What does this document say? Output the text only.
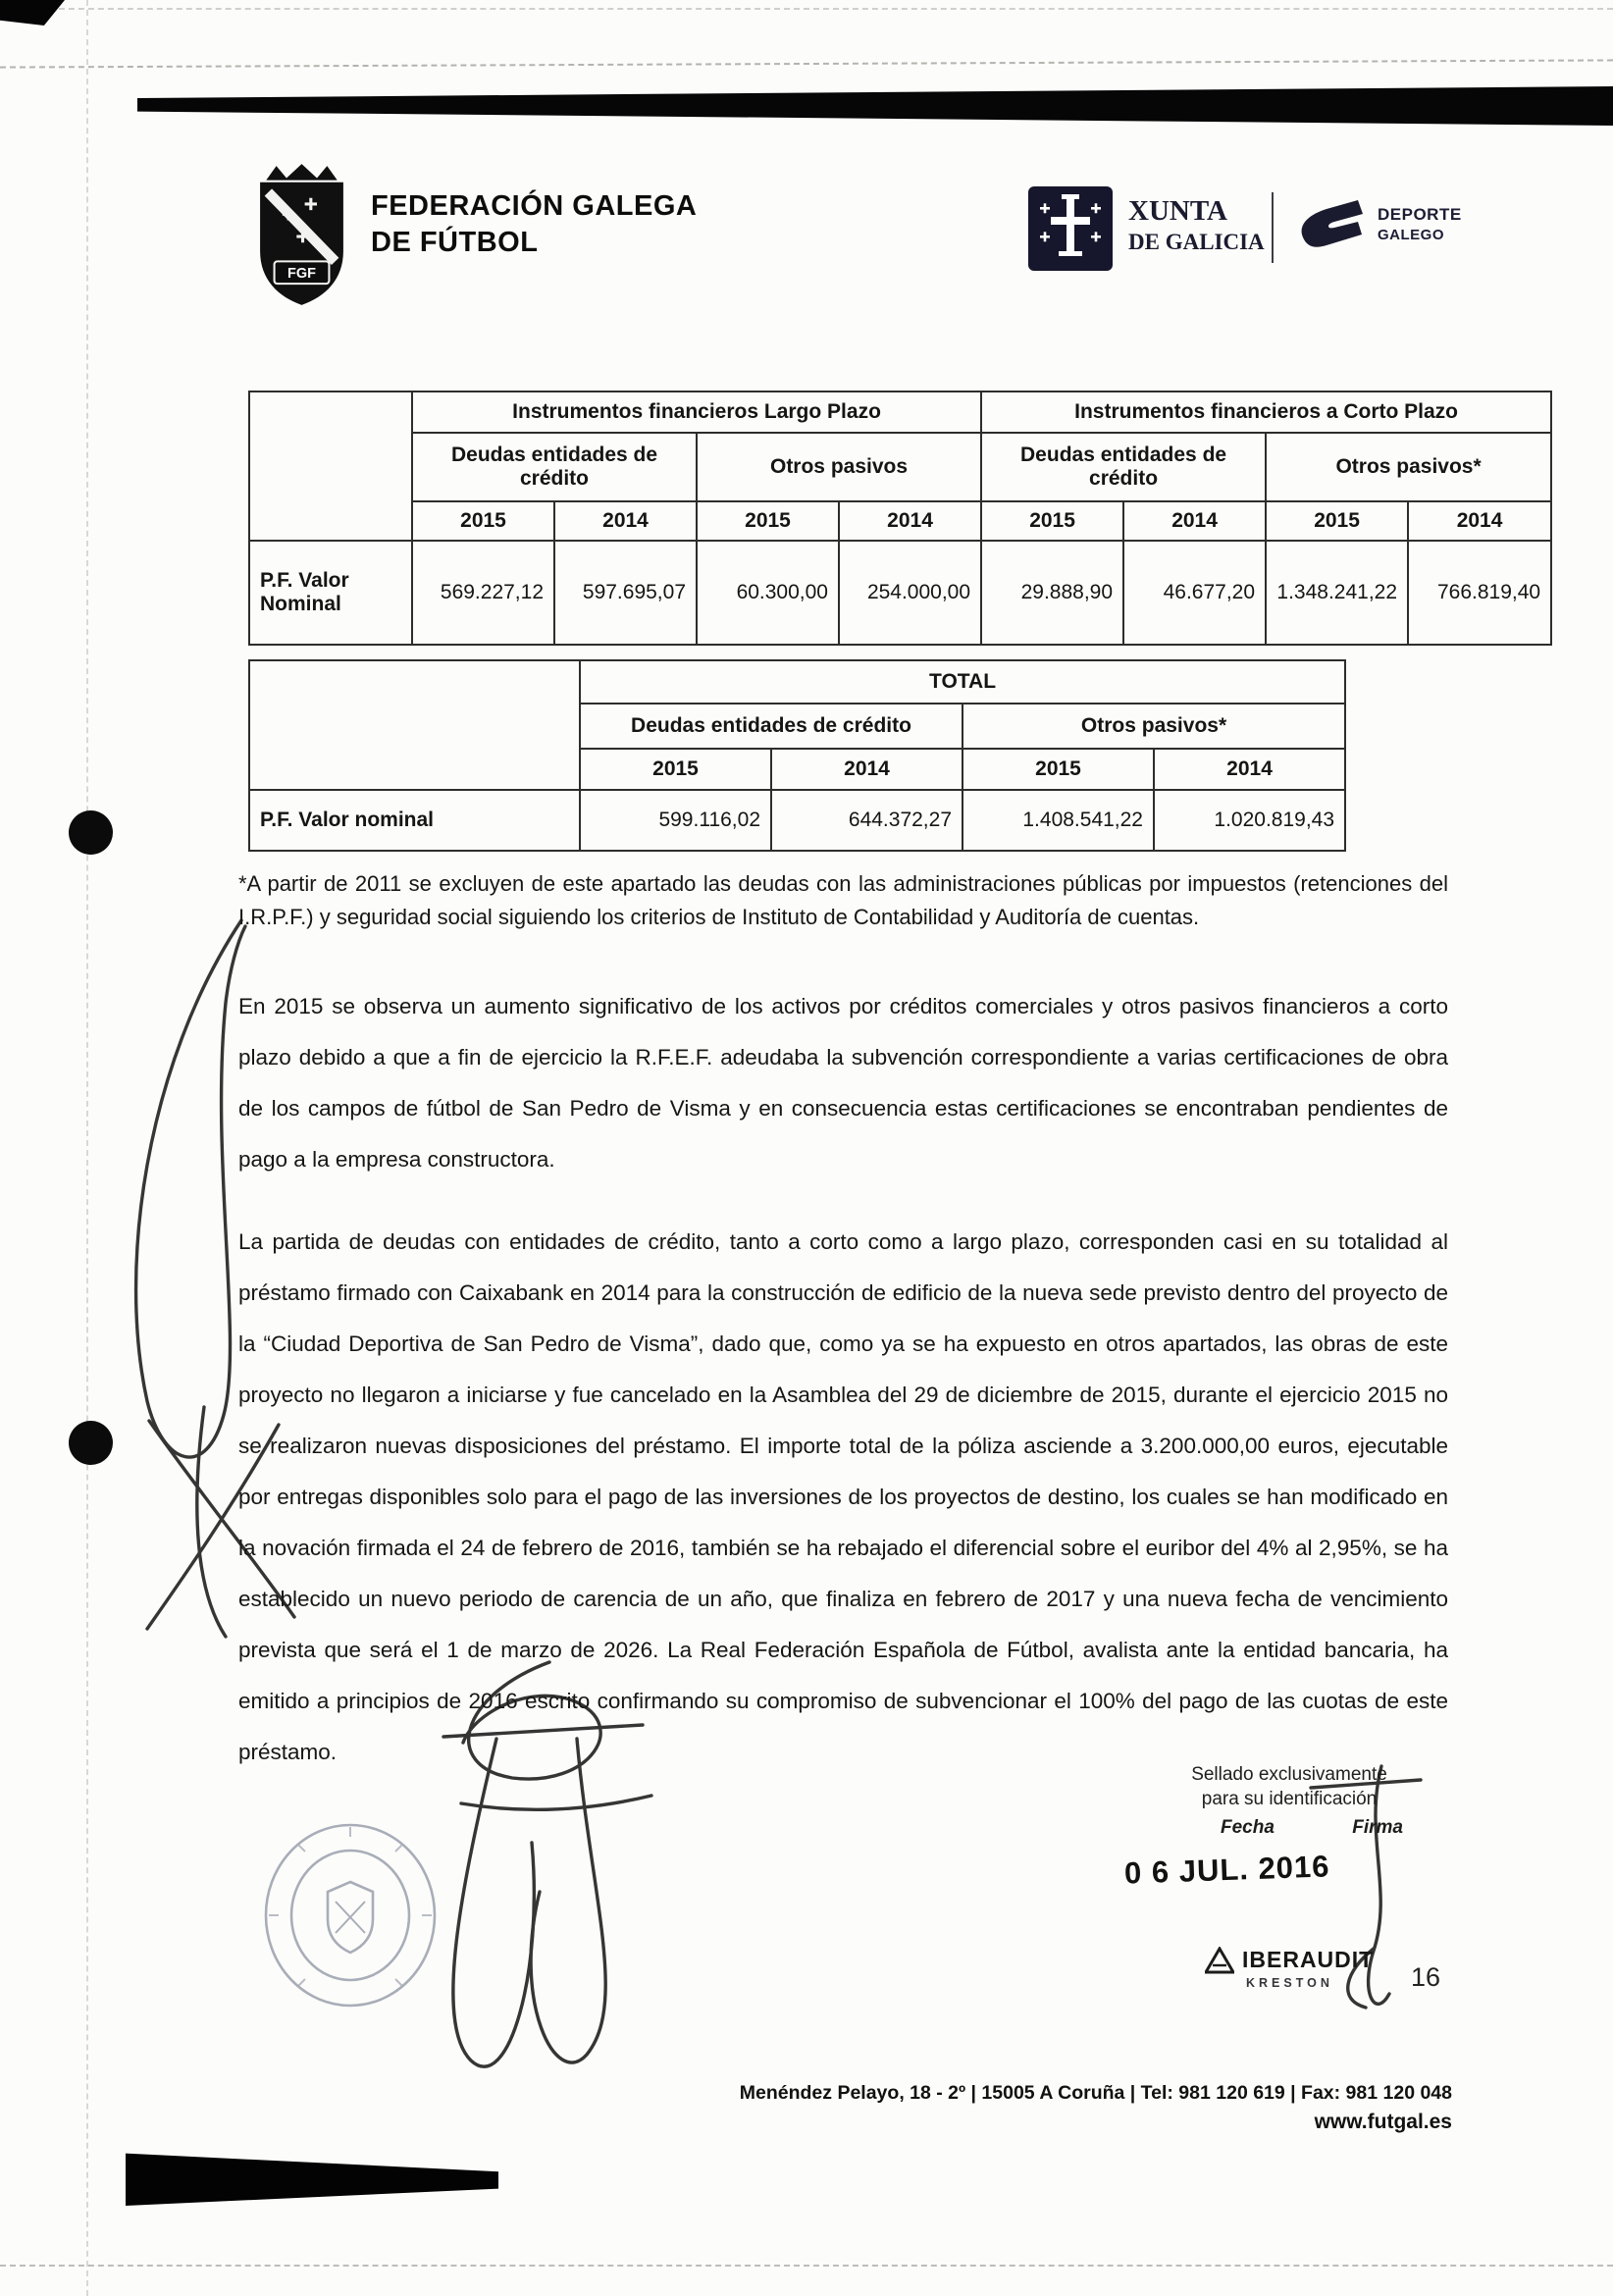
FGF
FEDERACIÓN GALEGA
DE FÚTBOL
XUNTA
DE GALICIA
DEPORTE
GALEGO
	Instrumentos financieros Largo Plazo				Instrumentos financieros a Corto Plazo			
	Deudas entidades de crédito		Otros pasivos		Deudas entidades de crédito		Otros pasivos*	
	2015	2014	2015	2014	2015	2014	2015	2014
P.F. Valor Nominal	569.227,12	597.695,07	60.300,00	254.000,00	29.888,90	46.677,20	1.348.241,22	766.819,40
	TOTAL			
	Deudas entidades de crédito		Otros pasivos*	
	2015	2014	2015	2014
P.F. Valor nominal	599.116,02	644.372,27	1.408.541,22	1.020.819,43

*A partir de 2011 se excluyen de este apartado las deudas con las administraciones públicas por impuestos (retenciones del I.R.P.F.) y seguridad social siguiendo los criterios de Instituto de Contabilidad y Auditoría de cuentas.

En 2015 se observa un aumento significativo de los activos por créditos comerciales y otros pasivos financieros a corto plazo debido a que a fin de ejercicio la R.F.E.F. adeudaba la subvención correspondiente a varias certificaciones de obra de los campos de fútbol de San Pedro de Visma y en consecuencia estas certificaciones se encontraban pendientes de pago a la empresa constructora.

La partida de deudas con entidades de crédito, tanto a corto como a largo plazo, corresponden casi en su totalidad al préstamo firmado con Caixabank en 2014 para la construcción de edificio de la nueva sede previsto dentro del proyecto de la “Ciudad Deportiva de San Pedro de Visma”, dado que, como ya se ha expuesto en otros apartados, las obras de este proyecto no llegaron a iniciarse y fue cancelado en la Asamblea del 29 de diciembre de 2015, durante el ejercicio 2015 no se realizaron nuevas disposiciones del préstamo. El importe total de la póliza asciende a 3.200.000,00 euros, ejecutable por entregas disponibles solo para el pago de las inversiones de los proyectos de destino, los cuales se han modificado en la novación firmada el 24 de febrero de 2016, también se ha rebajado el diferencial sobre el euribor del 4% al 2,95%, se ha establecido un nuevo periodo de carencia de un año, que finaliza en febrero de 2017 y una nueva fecha de vencimiento prevista que será el 1 de marzo de 2026. La Real Federación Española de Fútbol, avalista ante la entidad bancaria, ha emitido a principios de 2016 escrito confirmando su compromiso de subvencionar el 100% del pago de las cuotas de este préstamo.

Sellado exclusivamente
para su identificación
Fecha	Firma
0 6 JUL. 2016
IBERAUDIT
KRESTON	16
Menéndez Pelayo, 18 - 2º | 15005 A Coruña | Tel: 981 120 619 | Fax: 981 120 048
www.futgal.es
